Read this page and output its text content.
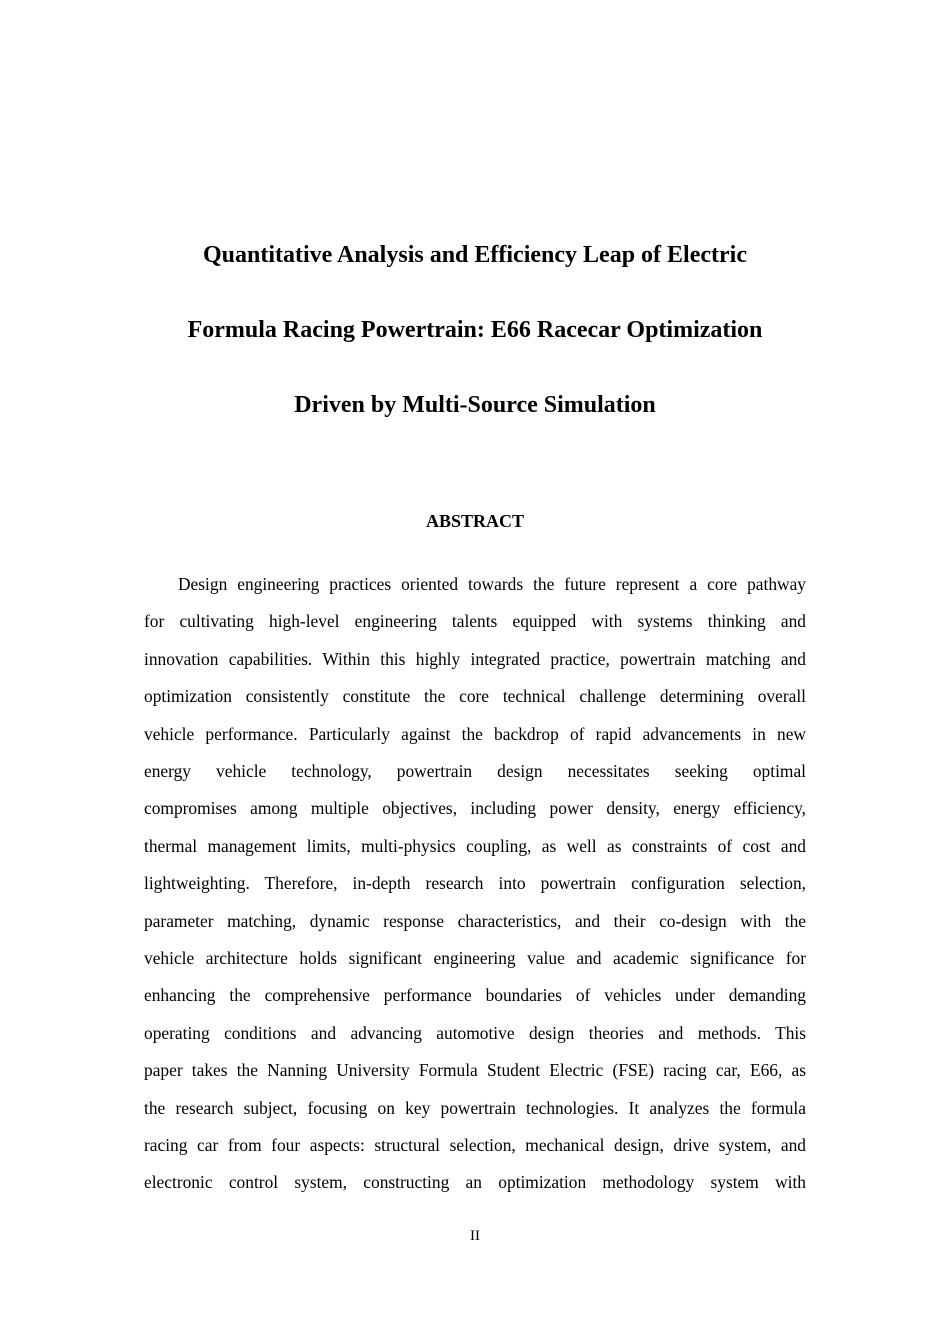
Quantitative Analysis and Efficiency Leap of Electric
Formula Racing Powertrain: E66 Racecar Optimization
Driven by Multi-Source Simulation
ABSTRACT
Design engineering practices oriented towards the future represent a core pathway
for cultivating high-level engineering talents equipped with systems thinking and
innovation capabilities. Within this highly integrated practice, powertrain matching and
optimization consistently constitute the core technical challenge determining overall
vehicle performance. Particularly against the backdrop of rapid advancements in new
energy vehicle technology, powertrain design necessitates seeking optimal
compromises among multiple objectives, including power density, energy efficiency,
thermal management limits, multi-physics coupling, as well as constraints of cost and
lightweighting. Therefore, in-depth research into powertrain configuration selection,
parameter matching, dynamic response characteristics, and their co-design with the
vehicle architecture holds significant engineering value and academic significance for
enhancing the comprehensive performance boundaries of vehicles under demanding
operating conditions and advancing automotive design theories and methods. This
paper takes the Nanning University Formula Student Electric (FSE) racing car, E66, as
the research subject, focusing on key powertrain technologies. It analyzes the formula
racing car from four aspects: structural selection, mechanical design, drive system, and
electronic control system, constructing an optimization methodology system with
II
